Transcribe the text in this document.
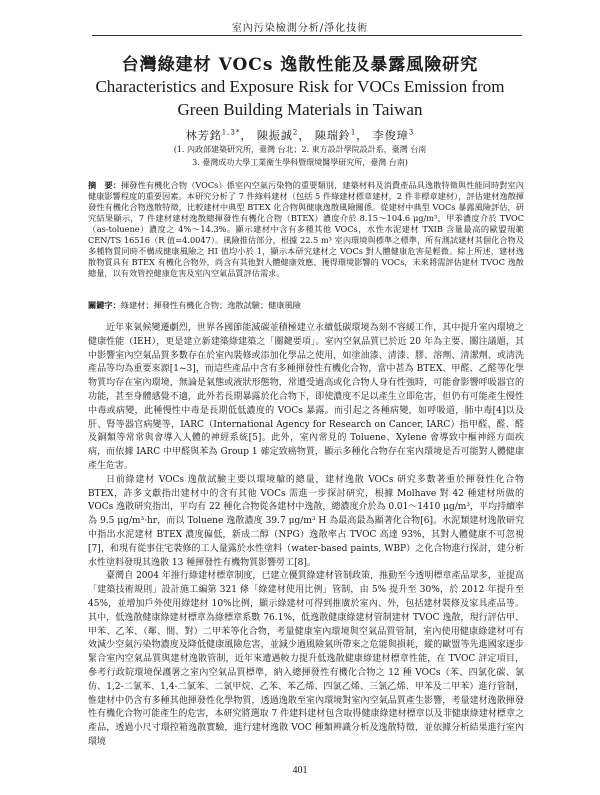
室內污染檢測分析/淨化技術
台灣綠建材 VOCs 逸散性能及暴露風險研究
Characteristics and Exposure Risk for VOCs Emission from Green Building Materials in Taiwan
林芳銘$^{1,3*}$， 陳振誠$^2$， 陳瑞鈴$^1$， 李俊璋$^3$
(1. 內政部建築研究所，臺灣 台北；2. 東方設計學院設計系，臺灣 台南
3. 臺灣成功大學工業衛生學科暨環境醫學研究所，臺灣 台南)

摘　要：揮發性有機化合物（VOCs）係室內空氣污染物的重要類別，建築材料及消費產品具逸散特徵與性能同時對室內健康影響程度的重要因素。本研究分析了 7 件綠料建材（包括 5 件綠建材標章建材，2 件非標章建材），評估建材逸散揮發性有機化合物逸散特徵，比較建材中典型 BTEX 化合物與健康逸散風險關係。從建材中典型 VOCs 暴露風險評估，研究結果顯示，7 件建材建材逸散總揮發性有機化合物（BTEX）濃度介於 8.15～104.6 μg/m³，甲苯濃度介於 TVOC（as-toluene）濃度之 4%～14.3%。顯示建材中含有多種其他 VOCs，水性水泥建材 TXIB 含量最高的歐盟規範 CEN/TS 16516（R 值=4.0047）。風險推估部分，根據 22.5 m³ 室內環境與標準之標準，所有測試建材其個化合物及多種物質同時不構成健康風險之 HI 值均小於 1，顯示本研究建材之 VOCs 對人體健康危害是輕微。綜上所述，建材逸散物質具有 BTEX 有機化合物外，尚含有其他對人體健康效應、獲得環境影響的 VOCs，未來將需評估建材 TVOC 逸散總量，以有效管控健康危害及室內空氣品質評估需求。

關鍵字：綠建材；揮發性有機化合物；逸散試驗；健康風險

近年來氣候變遷劇烈，世界各國節能減碳並積極建立永續低碳環境為刻不容緩工作，其中提升室內環境之健康性能（IEH），更是建立新建築綠建築之「關鍵要項」。室內空氣品質已於近 20 年為主要、關注議題，其中影響室內空氣品質多數存在於室內裝修或添加化學品之使用，如塗油漆、清漆、膠、溶劑、清潔劑、或清洗產品等均為重要來源[1~3]，而這些產品中含有多種揮發性有機化合物，當中甚為 BTEX、甲醛、乙醛等化學物質均存在室內環境，無論是氣態或液狀形態物，常遭受過高或化合物人身有性強時，可能會影響呼吸器官的功能，甚至身體感覺不適，此外若長期暴露於化合物下，即使濃度不足以產生立即危害，但仍有可能產生慢性中毒或病變，此種慢性中毒是長期低低濃度的 VOCs 暴露。而引起之各種病變，如呼吸道，肺中毒[4]以及肝、腎等器官病變等，IARC（International Agency for Research on Cancer, IARC）指甲醛、醛、醛及銅類等常常與會導入人體的神經系統[5]。此外，室內常見的 Toluene、Xylene 會導致中樞神經方面疾病，而依據 IARC 中甲醛與苯為 Group 1 確定致癌物質，顯示多種化合物存在室內環境是否可能對人體健康產生危害。

日前綠建材 VOCs 逸散試驗主要以環境艙的總量，建材逸散 VOCs 研究多數著重於揮發性化合物 BTEX，許多文獻指出建材中的含有其他 VOCs 需進一步探討研究，根據 Molhave 對 42 種建材所做的 VOCs 逸散研究指出，平均有 22 種化合物從各建材中逸散，總濃度介於為 0.01～1410 μg/m³，平均持續率為 9.5 μg/m³·hr，而以 Toluene 逸散濃度 39.7 μg/m³ H 為最高最為顯著化合物[6]。水泥類建材逸散研究中指出水泥建材 BTEX 濃度偏低，新成二醇（NPG）逸散率占 TVOC 高達 93%，其對人體健康不可忽視[7]，和現有從事住宅裝修的工人量露於水性塗料（water-based paints, WBP）之化合物進行探討，建分析水性塗料發現其逸散 13 種揮發性有機物質影響勞工[8]。

臺灣自 2004 年推行綠建材標章制度，已建立優質綠建材管制政策，推動至今透明標章產品眾多，並提高「建築技術規則」設計施工編第 321 條「綠建材使用比例」管制，由 5% 提升至 30%，於 2012 年提升至 45%，並增加戶外使用綠建材 10%比例，顯示綠建材可得到推廣於室內、外，包括建材裝修及家具產品等。其中，低逸散健康綠建材標章為綠標章系數 76.1%，低逸散健康綠建材管制建材 TVOC 逸散，現行評估甲、甲苯、乙苯、（鄰、間、對）二甲苯等化合物，考量健康室內環境與空氣品質管制，室內使用健康綠建材可有效減少空氣污染物濃度及降低健康風險危害，並減少過風險氣所帶來之危能與損耗，縱的歐盟等先進國家逐步緊合室內空氣品質與建材逸散管制，近年來遭遇較力提升低逸散健康綠建材標章性能，在 TVOC 評定項目，參考行政院環境保護署之室內空氣品質標準，納入總揮發性有機化合物之 12 種 VOCs（苯、四氯化碳、氯仿、1,2-二氯苯、1,4-二氯苯、二氯甲烷、乙苯、苯乙烯、四氯乙烯、三氯乙烯、甲苯及二甲苯）進行管制，惟建材中仍含有多種其他揮發性化學物質，透過逸散至室內環境對室內空氣品質產生影響，考量建材逸散揮發性有機化合物可能產生的危害，本研究將選取 7 件建料建材包含取得健康綠建材標章以及非健康綠建材標章之產品，透過小尺寸環控箱逸散實驗，進行建材逸散 VOC 種類辨識分析及逸散特徵，並依據分析結果進行室內環境

401
